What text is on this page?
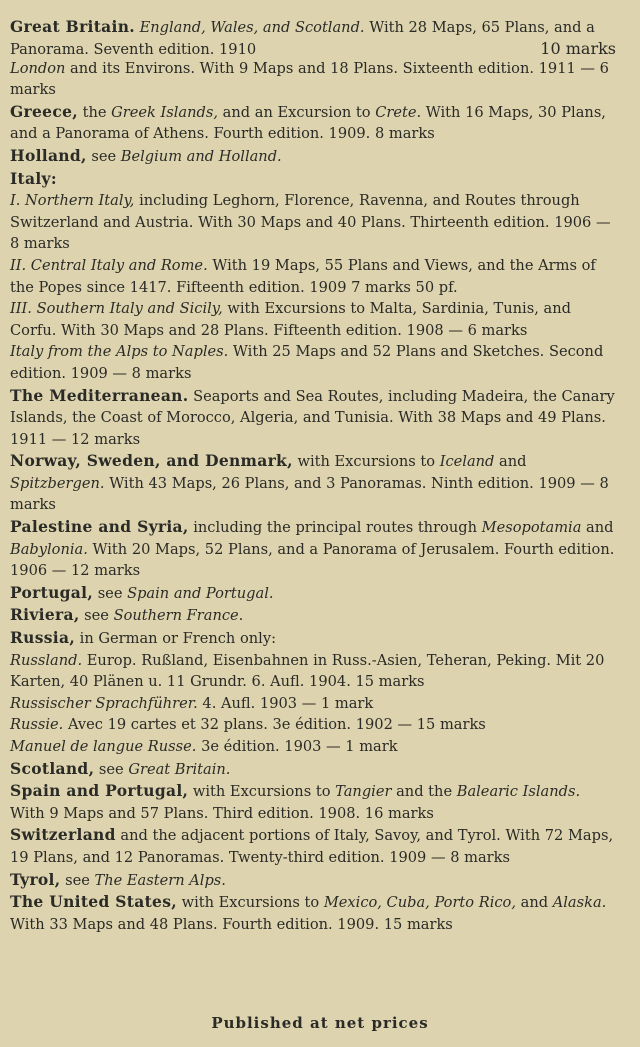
Great Britain. England, Wales, and Scotland. With 28 Maps, 65 Plans, and a Panorama. Seventh edition. 1910	10 marks

London and its Environs. With 9 Maps and 18 Plans. Sixteenth edition. 1911 — 6 marks

Greece, the Greek Islands, and an Excursion to Crete. With 16 Maps, 30 Plans, and a Panorama of Athens. Fourth edition. 1909. 8 marks

Holland, see Belgium and Holland.

Italy:

I. Northern Italy, including Leghorn, Florence, Ravenna, and Routes through Switzerland and Austria. With 30 Maps and 40 Plans. Thirteenth edition. 1906 — 8 marks

II. Central Italy and Rome. With 19 Maps, 55 Plans and Views, and the Arms of the Popes since 1417. Fifteenth edition. 1909 7 marks 50 pf.

III. Southern Italy and Sicily, with Excursions to Malta, Sardinia, Tunis, and Corfu. With 30 Maps and 28 Plans. Fifteenth edition. 1908 — 6 marks

Italy from the Alps to Naples. With 25 Maps and 52 Plans and Sketches. Second edition. 1909 — 8 marks

The Mediterranean. Seaports and Sea Routes, including Madeira, the Canary Islands, the Coast of Morocco, Algeria, and Tunisia. With 38 Maps and 49 Plans. 1911 — 12 marks

Norway, Sweden, and Denmark, with Excursions to Iceland and Spitzbergen. With 43 Maps, 26 Plans, and 3 Panoramas. Ninth edition. 1909 — 8 marks

Palestine and Syria, including the principal routes through Mesopotamia and Babylonia. With 20 Maps, 52 Plans, and a Panorama of Jerusalem. Fourth edition. 1906 — 12 marks

Portugal, see Spain and Portugal.

Riviera, see Southern France.

Russia, in German or French only:

Russland. Europ. Rußland, Eisenbahnen in Russ.-Asien, Teheran, Peking. Mit 20 Karten, 40 Plänen u. 11 Grundr. 6. Aufl. 1904. 15 marks

Russischer Sprachführer. 4. Aufl. 1903 — 1 mark

Russie. Avec 19 cartes et 32 plans. 3e édition. 1902 — 15 marks

Manuel de langue Russe. 3e édition. 1903 — 1 mark

Scotland, see Great Britain.

Spain and Portugal, with Excursions to Tangier and the Balearic Islands. With 9 Maps and 57 Plans. Third edition. 1908. 16 marks

Switzerland and the adjacent portions of Italy, Savoy, and Tyrol. With 72 Maps, 19 Plans, and 12 Panoramas. Twenty-third edition. 1909 — 8 marks

Tyrol, see The Eastern Alps.

The United States, with Excursions to Mexico, Cuba, Porto Rico, and Alaska. With 33 Maps and 48 Plans. Fourth edition. 1909. 15 marks

Published at net prices
